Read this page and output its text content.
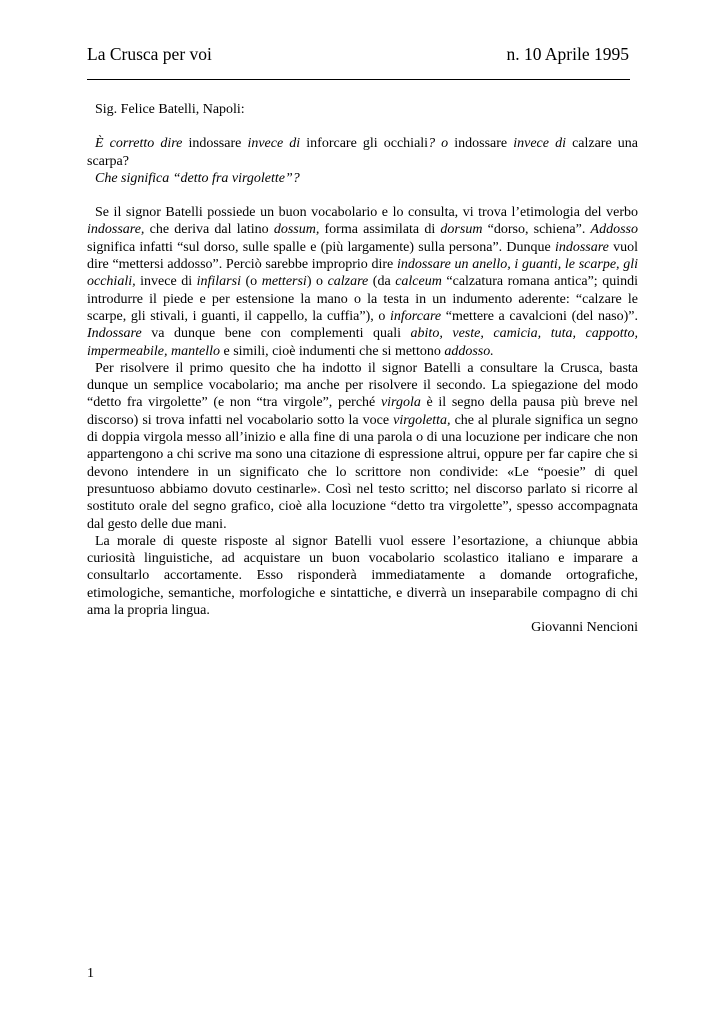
La Crusca per voi	n. 10 Aprile 1995

Sig. Felice Batelli, Napoli:

È corretto dire indossare invece di inforcare gli occhiali? o indossare invece di calzare una scarpa?

Che significa “detto fra virgolette”?

Se il signor Batelli possiede un buon vocabolario e lo consulta, vi trova l’etimologia del verbo indossare, che deriva dal latino dossum, forma assimilata di dorsum “dorso, schiena”. Addosso significa infatti “sul dorso, sulle spalle e (più largamente) sulla persona”. Dunque indossare vuol dire “mettersi addosso”. Perciò sarebbe improprio dire indossare un anello, i guanti, le scarpe, gli occhiali, invece di infilarsi (o mettersi) o calzare (da calceum “calzatura romana antica”; quindi introdurre il piede e per estensione la mano o la testa in un indumento aderente: “calzare le scarpe, gli stivali, i guanti, il cappello, la cuffia”), o inforcare “mettere a cavalcioni (del naso)”. Indossare va dunque bene con complementi quali abito, veste, camicia, tuta, cappotto, impermeabile, mantello e simili, cioè indumenti che si mettono addosso.

Per risolvere il primo quesito che ha indotto il signor Batelli a consultare la Crusca, basta dunque un semplice vocabolario; ma anche per risolvere il secondo. La spiegazione del modo “detto fra virgolette” (e non “tra virgole”, perché virgola è il segno della pausa più breve nel discorso) si trova infatti nel vocabolario sotto la voce virgoletta, che al plurale significa un segno di doppia virgola messo all’inizio e alla fine di una parola o di una locuzione per indicare che non appartengono a chi scrive ma sono una citazione di espressione altrui, oppure per far capire che si devono intendere in un significato che lo scrittore non condivide: «Le “poesie” di quel presuntuoso abbiamo dovuto cestinarle». Così nel testo scritto; nel discorso parlato si ricorre al sostituto orale del segno grafico, cioè alla locuzione “detto tra virgolette”, spesso accompagnata dal gesto delle due mani.

La morale di queste risposte al signor Batelli vuol essere l’esortazione, a chiunque abbia curiosità linguistiche, ad acquistare un buon vocabolario scolastico italiano e imparare a consultarlo accortamente. Esso risponderà immediatamente a domande ortografiche, etimologiche, semantiche, morfologiche e sintattiche, e diverrà un inseparabile compagno di chi ama la propria lingua.

Giovanni Nencioni

1
